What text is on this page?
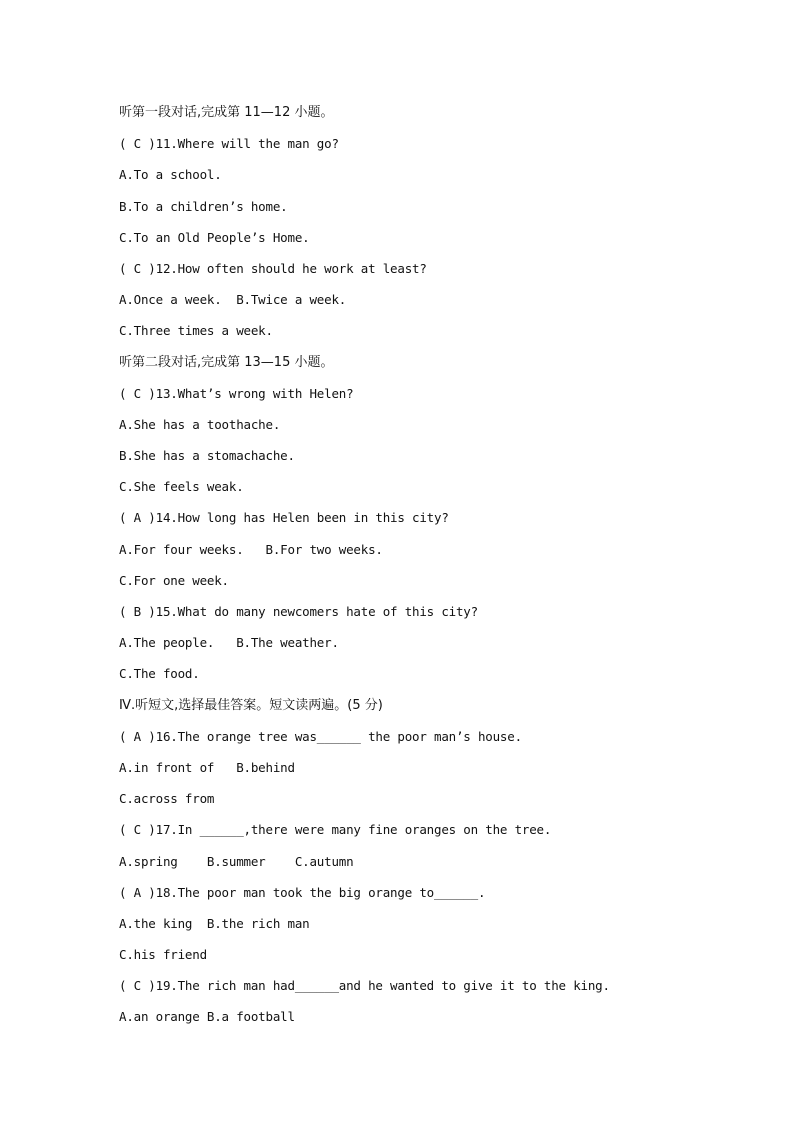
听第一段对话,完成第 11—12 小题。
( C )11.Where will the man go?
A.To a school.
B.To a children’s home.
C.To an Old People’s Home.
( C )12.How often should he work at least?
A.Once a week.  B.Twice a week.
C.Three times a week.
听第二段对话,完成第 13—15 小题。
( C )13.What’s wrong with Helen?
A.She has a toothache.
B.She has a stomachache.
C.She feels weak.
( A )14.How long has Helen been in this city?
A.For four weeks.   B.For two weeks.
C.For one week.
( B )15.What do many newcomers hate of this city?
A.The people.   B.The weather.
C.The food.
Ⅳ.听短文,选择最佳答案。短文读两遍。(5 分)
( A )16.The orange tree was______ the poor man’s house.
A.in front of   B.behind
C.across from
( C )17.In ______,there were many fine oranges on the tree.
A.spring    B.summer    C.autumn
( A )18.The poor man took the big orange to______.
A.the king  B.the rich man
C.his friend
( C )19.The rich man had______and he wanted to give it to the king.
A.an orange B.a football
